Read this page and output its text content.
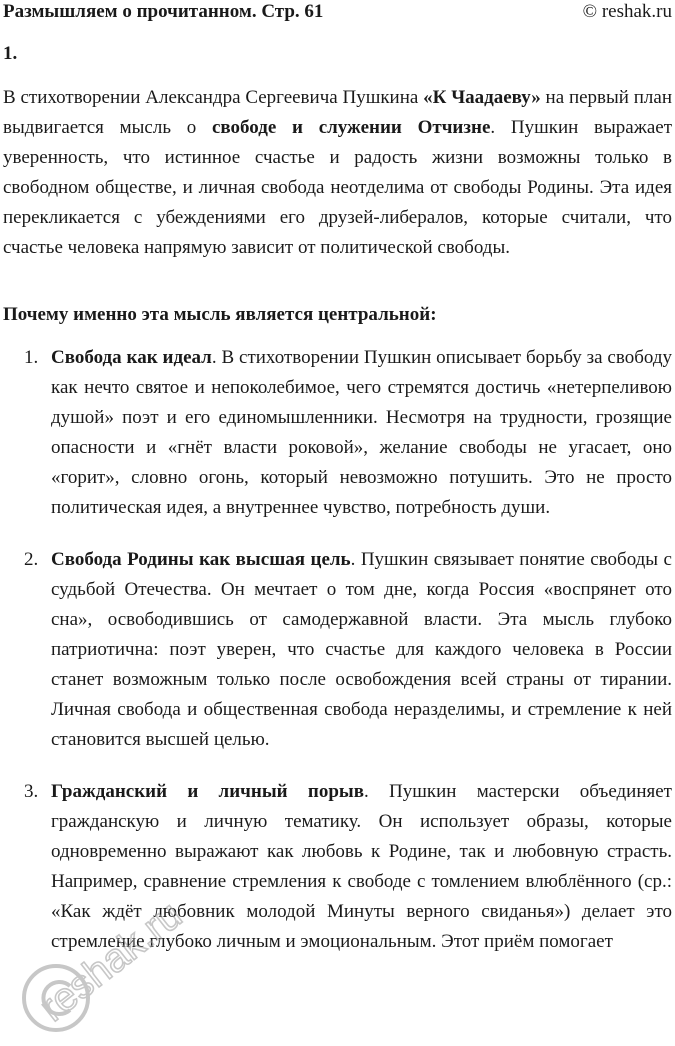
Размышляем о прочитанном. Стр. 61	© reshak.ru
1.

В стихотворении Александра Сергеевича Пушкина «К Чаадаеву» на первый план выдвигается мысль о свободе и служении Отчизне. Пушкин выражает уверенность, что истинное счастье и радость жизни возможны только в свободном обществе, и личная свобода неотделима от свободы Родины. Эта идея перекликается с убеждениями его друзей-либералов, которые считали, что счастье человека напрямую зависит от политической свободы.

Почему именно эта мысль является центральной:
1. Свобода как идеал. В стихотворении Пушкин описывает борьбу за свободу как нечто святое и непоколебимое, чего стремятся достичь «нетерпеливою душой» поэт и его единомышленники. Несмотря на трудности, грозящие опасности и «гнёт власти роковой», желание свободы не угасает, оно «горит», словно огонь, который невозможно потушить. Это не просто политическая идея, а внутреннее чувство, потребность души.

2. Свобода Родины как высшая цель. Пушкин связывает понятие свободы с судьбой Отечества. Он мечтает о том дне, когда Россия «воспрянет ото сна», освободившись от самодержавной власти. Эта мысль глубоко патриотична: поэт уверен, что счастье для каждого человека в России станет возможным только после освобождения всей страны от тирании. Личная свобода и общественная свобода неразделимы, и стремление к ней становится высшей целью.

3. Гражданский и личный порыв. Пушкин мастерски объединяет гражданскую и личную тематику. Он использует образы, которые одновременно выражают как любовь к Родине, так и любовную страсть. Например, сравнение стремления к свободе с томлением влюблённого (ср.: «Как ждёт любовник молодой Минуты верного свиданья») делает это стремление глубоко личным и эмоциональным. Этот приём помогает

reshak.ru
